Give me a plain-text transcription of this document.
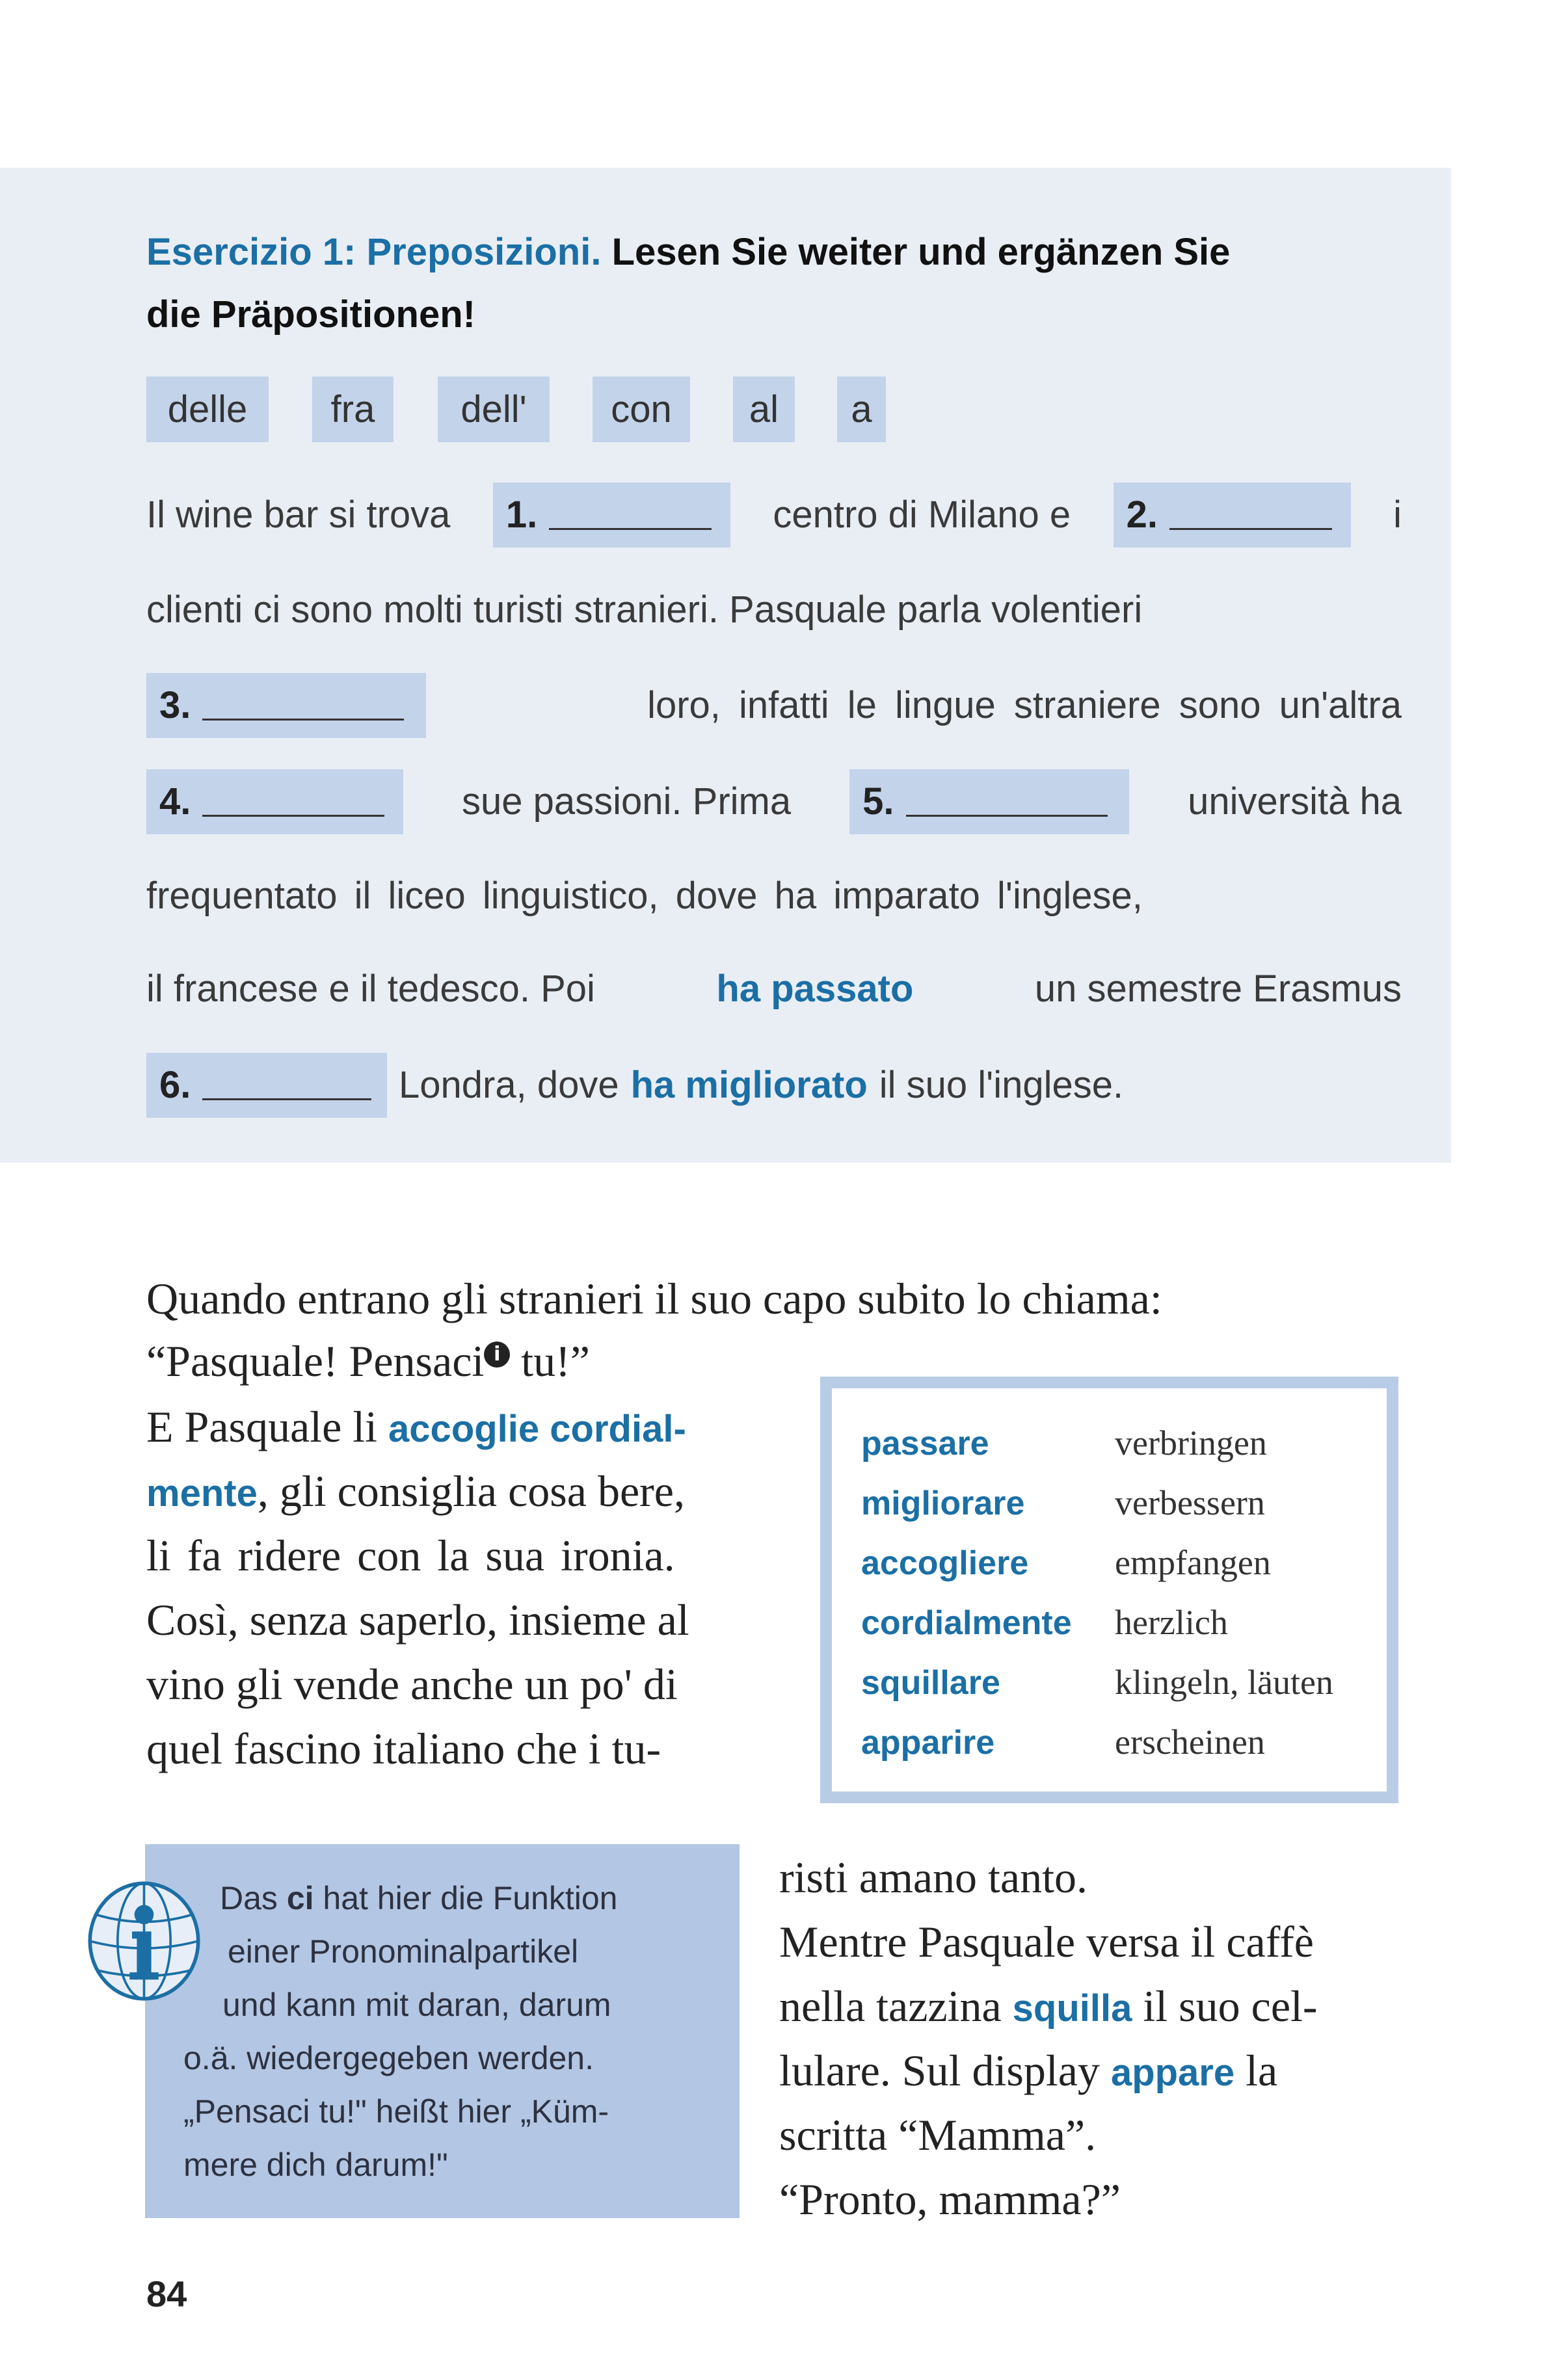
Esercizio 1: Preposizioni. Lesen Sie weiter und ergänzen Sie
die Präpositionen!
delle	fra	dell'	con	al	a
Il wine bar si trova	1.	centro di Milano e	2.	i
clienti ci sono molti turisti stranieri. Pasquale parla volentieri
3.	loro, infatti le lingue straniere sono un'altra
4.	sue passioni. Prima	5.	università ha
frequentato il liceo linguistico, dove ha imparato l'inglese,
il francese e il tedesco. Poi	ha passato	un semestre Erasmus
6.	Londra, dove ha migliorato il suo l'inglese.
Quando entrano gli stranieri il suo capo subito lo chiama:
“Pasquale! Pensaci $^i$ tu!”
E Pasquale li accoglie cordial-
mente, gli consiglia cosa bere,
li fa ridere con la sua ironia.
Così, senza saperlo, insieme al
vino gli vende anche un po' di
quel fascino italiano che i tu-
risti amano tanto.
Mentre Pasquale versa il caffè
nella tazzina squilla il suo cel-
lulare. Sul display appare la
scritta “Mamma”.
“Pronto, mamma?”
passare	verbringen
migliorare	verbessern
accogliere empfangen
cordialmente herzlich
squillare	klingeln, läuten
apparire	erscheinen
Das ci hat hier die Funktion
einer Pronominalpartikel
und kann mit daran, darum
o.ä. wiedergegeben werden.
„Pensaci tu!" heißt hier „Küm-
mere dich darum!"
84
